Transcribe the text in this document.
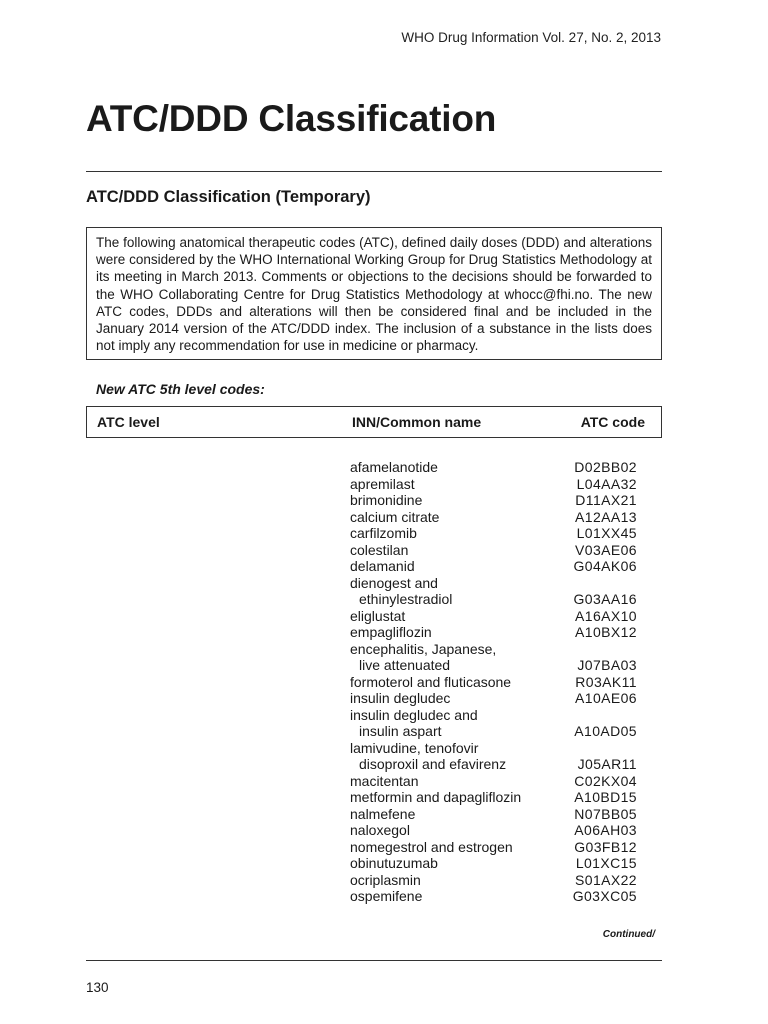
WHO Drug Information Vol. 27, No. 2, 2013
ATC/DDD Classification
ATC/DDD Classification (Temporary)
The following anatomical therapeutic codes (ATC), defined daily doses (DDD) and alterations were considered by the WHO International Working Group for Drug Statistics Methodology at its meeting in March 2013. Comments or objections to the decisions should be forwarded to the WHO Collaborating Centre for Drug Statistics Methodology at whocc@fhi.no. The new ATC codes, DDDs and alterations will then be considered final and be included in the January 2014 version of the ATC/DDD index. The inclusion of a substance in the lists does not imply any recommendation for use in medicine or pharmacy.
New ATC 5th level codes:
ATC level	INN/Common name	ATC code
afamelanotide	D02BB02
apremilast	L04AA32
brimonidine	D11AX21
calcium citrate	A12AA13
carfilzomib	L01XX45
colestilan	V03AE06
delamanid	G04AK06
dienogest and
ethinylestradiol	G03AA16
eliglustat	A16AX10
empagliflozin	A10BX12
encephalitis, Japanese,
live attenuated	J07BA03
formoterol and fluticasone	R03AK11
insulin degludec	A10AE06
insulin degludec and
insulin aspart	A10AD05
lamivudine, tenofovir
disoproxil and efavirenz	J05AR11
macitentan	C02KX04
metformin and dapagliflozin	A10BD15
nalmefene	N07BB05
naloxegol	A06AH03
nomegestrol and estrogen	G03FB12
obinutuzumab	L01XC15
ocriplasmin	S01AX22
ospemifene	G03XC05
Continued/
130
